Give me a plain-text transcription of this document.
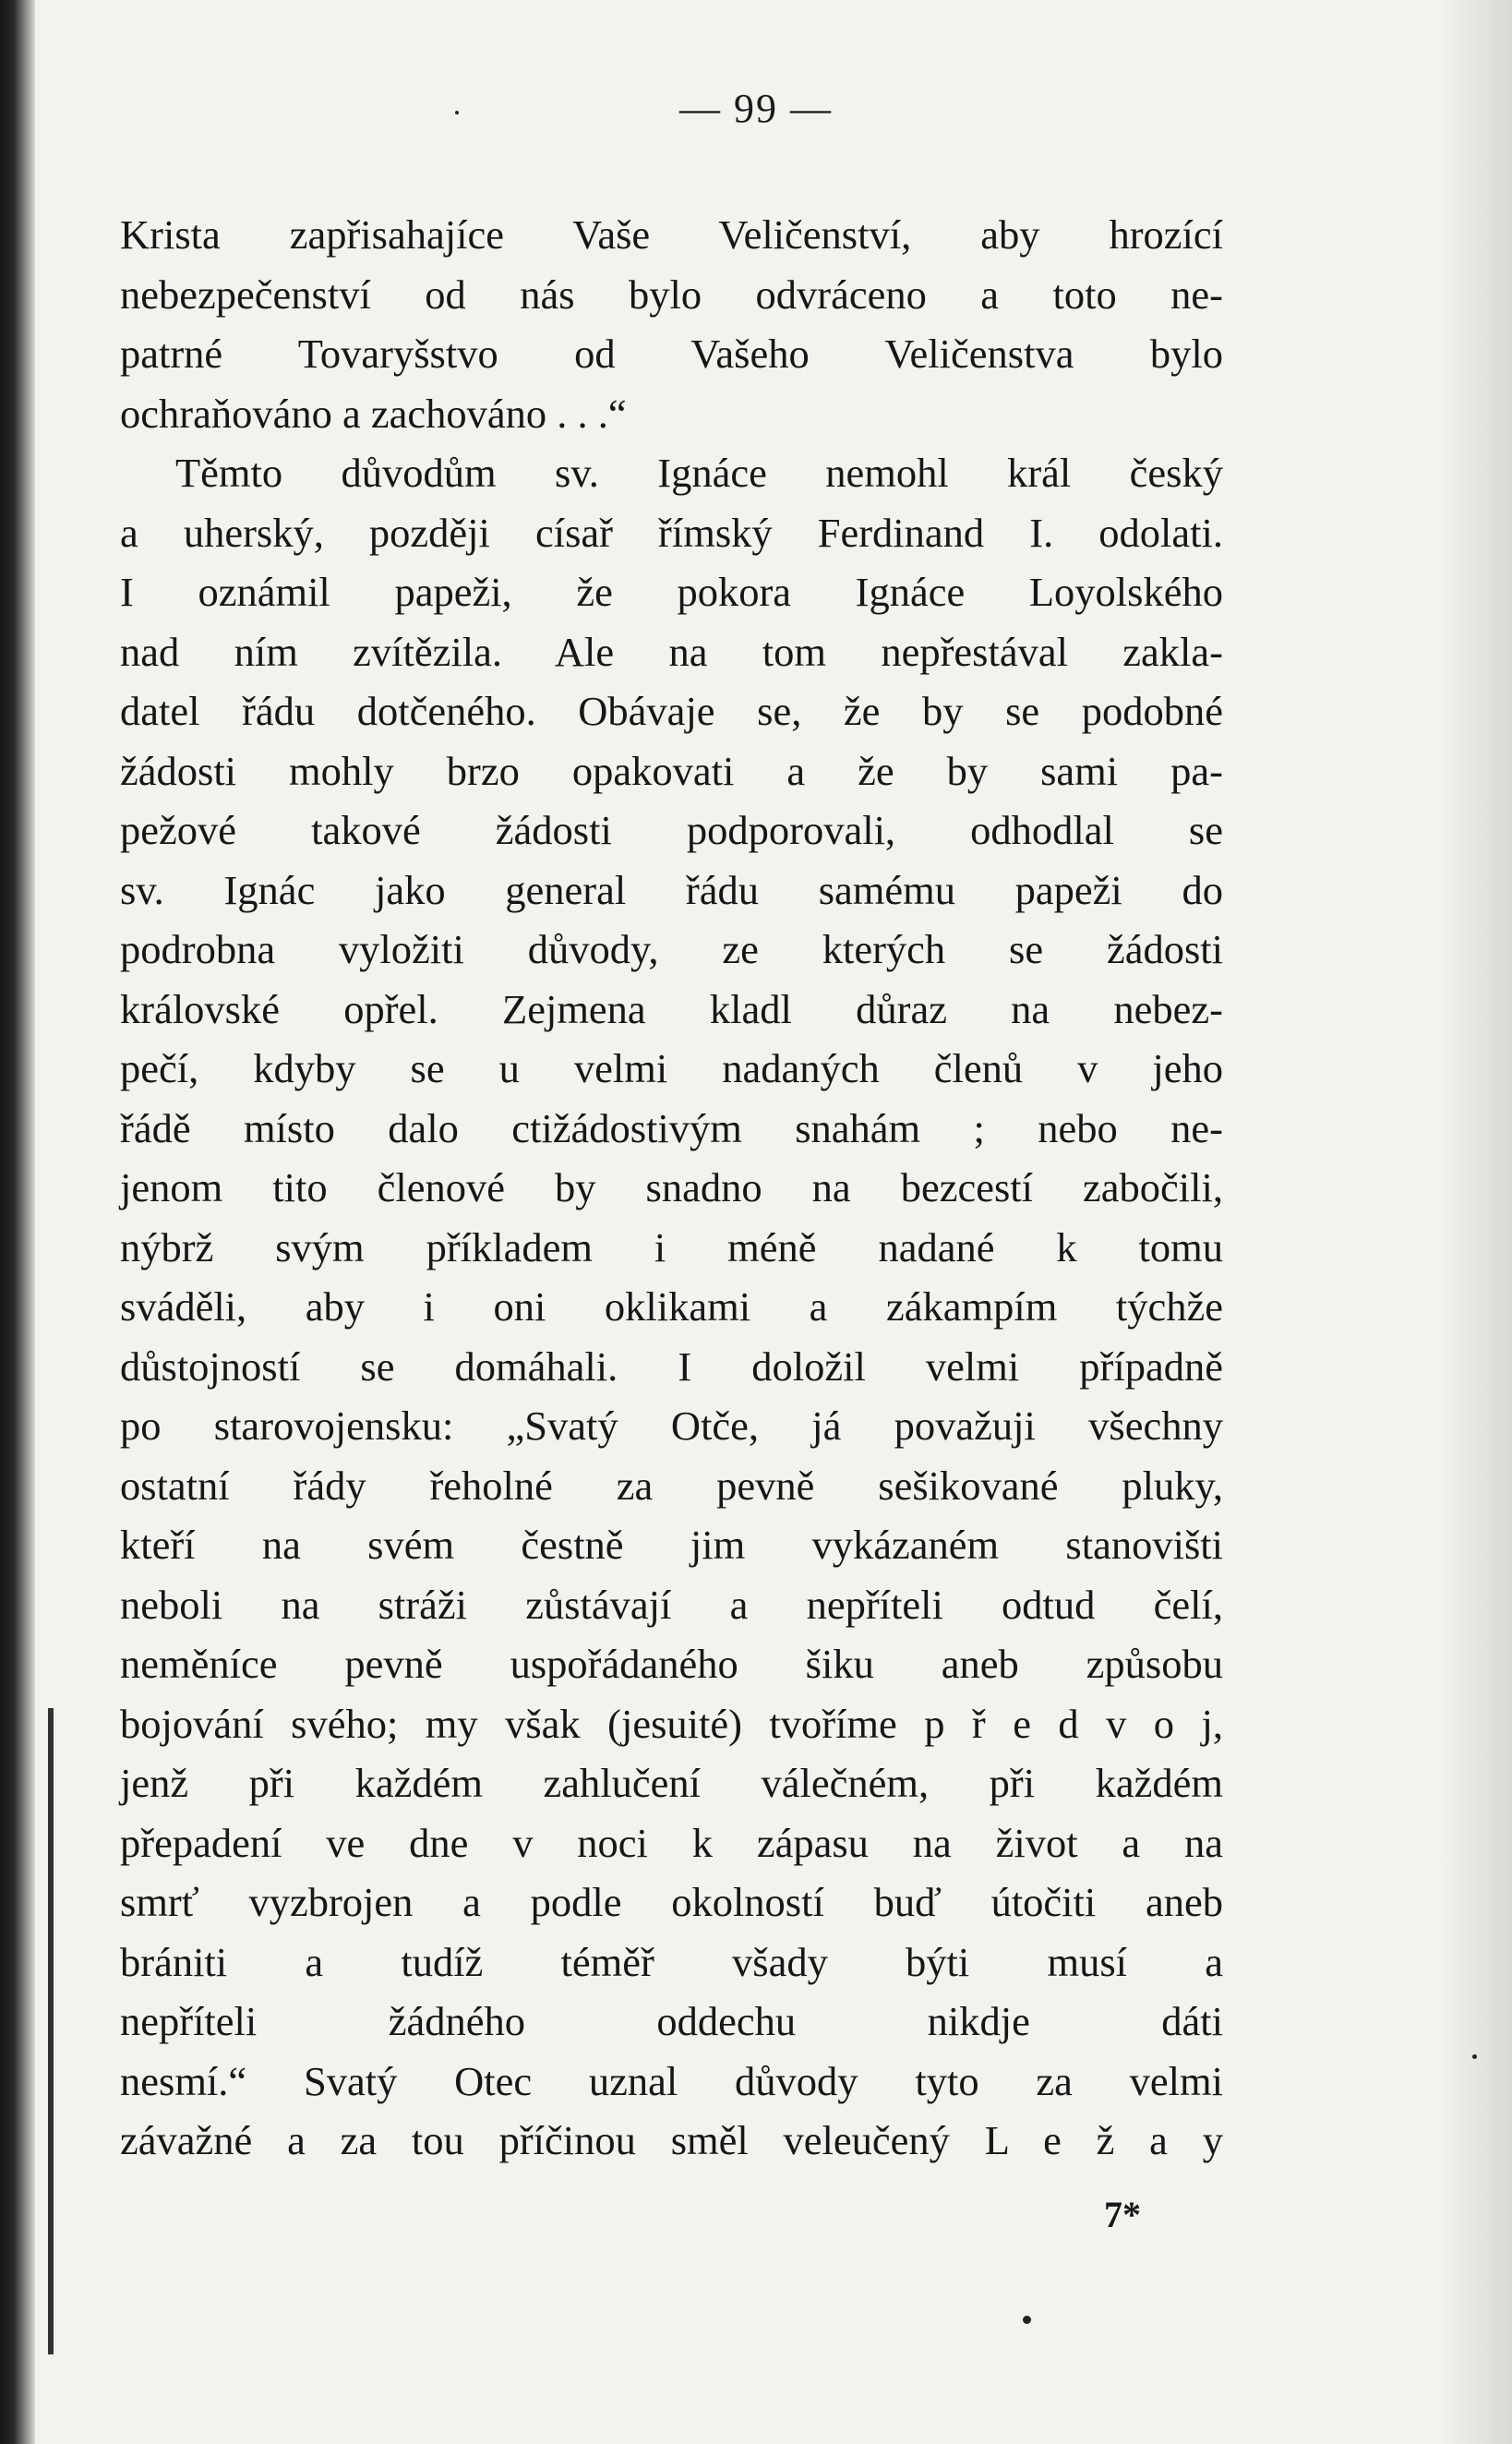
— 99 —
Krista zapřisahajíce Vaše Veličenství, aby hrozící
nebezpečenství od nás bylo odvráceno a toto ne-
patrné Tovaryšstvo od Vašeho Veličenstva bylo
ochraňováno a zachováno . . .“
Těmto důvodům sv. Ignáce nemohl král český
a uherský, později císař římský Ferdinand I. odolati.
I oznámil papeži, že pokora Ignáce Loyolského
nad ním zvítězila. Ale na tom nepřestával zakla-
datel řádu dotčeného. Obávaje se, že by se podobné
žádosti mohly brzo opakovati a že by sami pa-
pežové takové žádosti podporovali, odhodlal se
sv. Ignác jako general řádu samému papeži do
podrobna vyložiti důvody, ze kterých se žádosti
královské opřel. Zejmena kladl důraz na nebez-
pečí, kdyby se u velmi nadaných členů v jeho
řádě místo dalo ctižádostivým snahám ; nebo ne-
jenom tito členové by snadno na bezcestí zabočili,
nýbrž svým příkladem i méně nadané k tomu
sváděli, aby i oni oklikami a zákampím týchže
důstojností se domáhali. I doložil velmi případně
po starovojensku: „Svatý Otče, já považuji všechny
ostatní řády řeholné za pevně sešikované pluky,
kteří na svém čestně jim vykázaném stanovišti
neboli na stráži zůstávají a nepříteli odtud čelí,
neměníce pevně uspořádaného šiku aneb způsobu
bojování svého; my však (jesuité) tvoříme p ř e d v o j,
jenž při každém zahlučení válečném, při každém
přepadení ve dne v noci k zápasu na život a na
smrť vyzbrojen a podle okolností buď útočiti aneb
brániti a tudíž téměř všady býti musí a
nepříteli žádného oddechu nikdje dáti
nesmí.“ Svatý Otec uznal důvody tyto za velmi
závažné a za tou příčinou směl veleučený L e ž a y
7*
